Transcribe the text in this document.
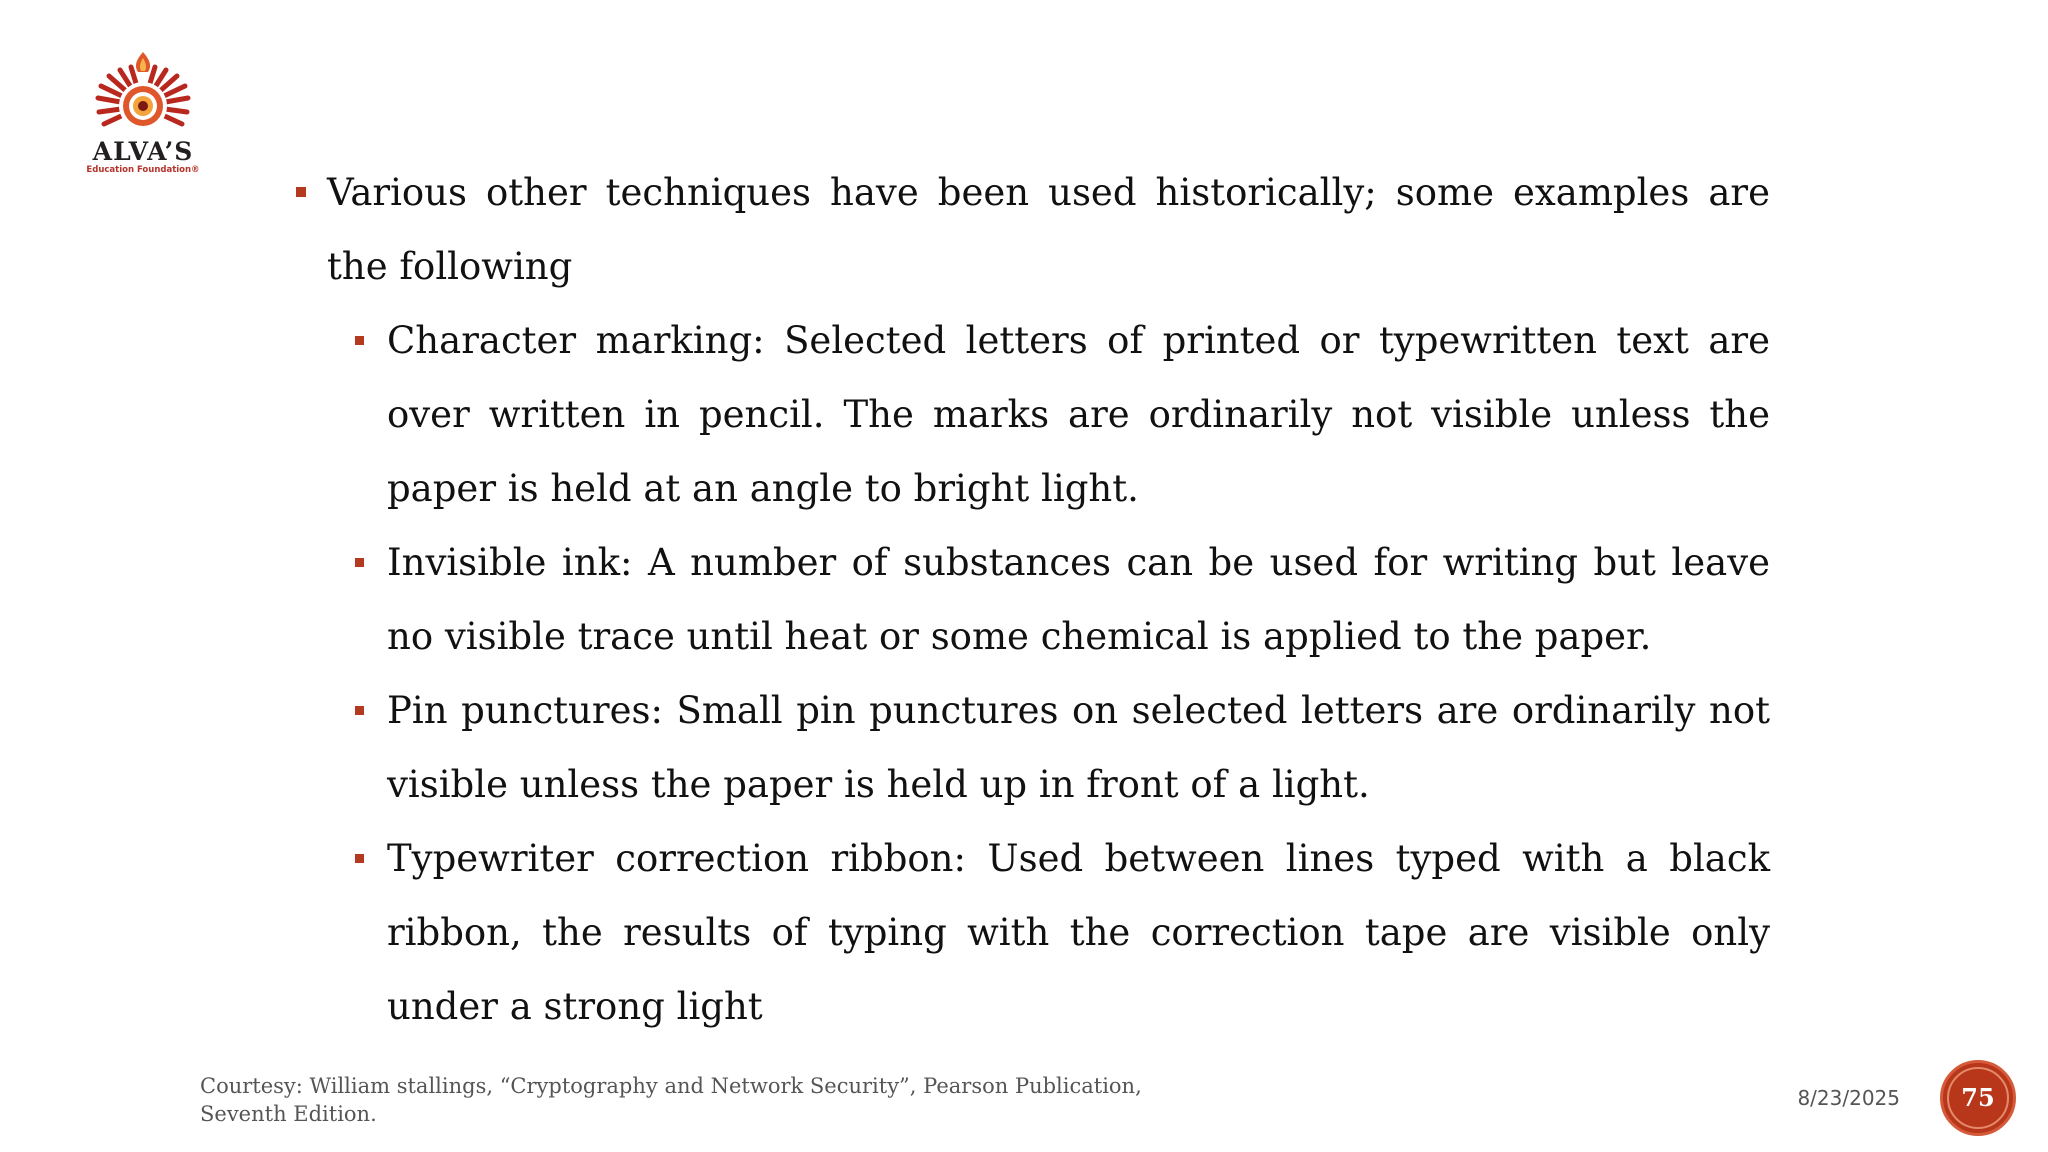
ALVA’S
Education Foundation®

Various other techniques have been used historically; some examples are the following

Character marking: Selected letters of printed or typewritten text are over written in pencil. The marks are ordinarily not visible unless the paper is held at an angle to bright light.

Invisible ink: A number of substances can be used for writing but leave no visible trace until heat or some chemical is applied to the paper.

Pin punctures: Small pin punctures on selected letters are ordinarily not visible unless the paper is held up in front of a light.

Typewriter correction ribbon: Used between lines typed with a black ribbon, the results of typing with the correction tape are visible only under a strong light

Courtesy: William stallings, “Cryptography and Network Security”, Pearson Publication, Seventh Edition.
8/23/2025	75
